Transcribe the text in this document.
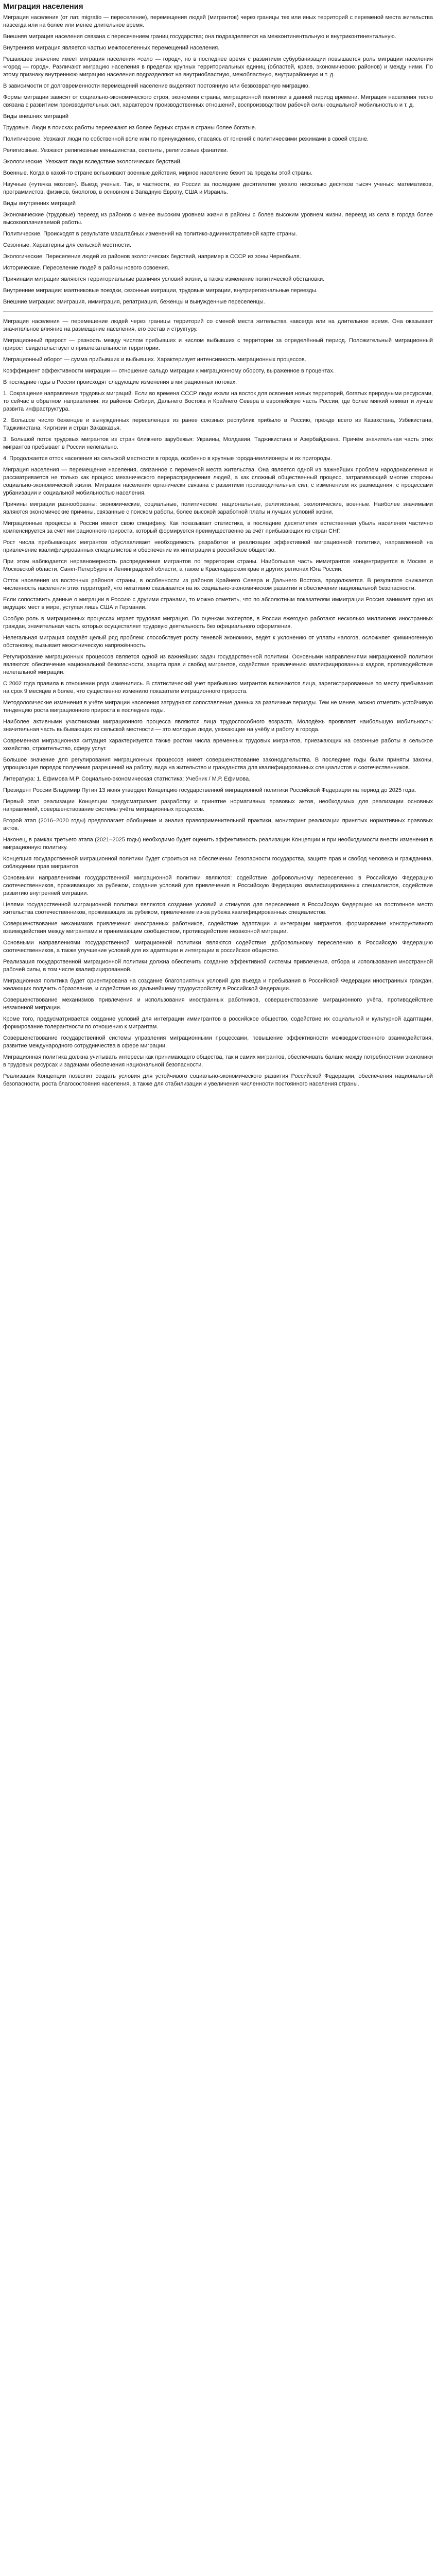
Миграция населения

Миграция населения (от лат. migratio — переселение), перемещения людей (мигрантов) через границы тех или иных территорий с переменой места жительства навсегда или на более или менее длительное время.

Внешняя миграция населения связана с пересечением границ государства; она подразделяется на межконтинентальную и внутриконтинентальную.

Внутренняя миграция является частью межпоселенных перемещений населения.

Решающее значение имеет миграция населения «село — город», но в последнее время с развитием субурбанизации повышается роль миграции населения «город — город». Различают миграцию населения в пределах крупных территориальных единиц (областей, краев, экономических районов) и между ними. По этому признаку внутреннюю миграцию населения подразделяют на внутриобластную, межобластную, внутрирайонную и т. д.

В зависимости от долговременности перемещений население выделяют постоянную или безвозвратную миграцию.

Формы миграции зависят от социально-экономического строя, экономики страны, миграционной политики в данной период времени. Миграция населения тесно связана с развитием производительных сил, характером производственных отношений, воспроизводством рабочей силы социальной мобильностью и т. д.

Виды внешних миграций

Трудовые. Люди в поисках работы переезжают из более бедных стран в страны более богатые.

Политические. Уезжают люди по собственной воле или по принуждению, спасаясь от гонений с политическими режимами в своей стране.

Религиозные. Уезжают религиозные меньшинства, сектанты, религиозные фанатики.

Экологические. Уезжают люди вследствие экологических бедствий.

Военные. Когда в какой-то стране вспыхивают военные действия, мирное население бежит за пределы этой страны.

Научные («утечка мозгов»). Выезд ученых. Так, в частности, из России за последнее десятилетие уехало несколько десятков тысяч ученых: математиков, программистов, физиков, биологов, в основном в Западную Европу, США и Израиль.

Виды внутренних миграций

Экономические (трудовые) переезд из районов с менее высоким уровнем жизни в районы с более высоким уровнем жизни, переезд из села в города более высокооплачиваемой работы.

Политические. Происходят в результате масштабных изменений на политико-административной карте страны.

Сезонные. Характерны для сельской местности.

Экологические. Переселения людей из районов экологических бедствий, например в СССР из зоны Чернобыля.

Исторические. Переселение людей в районы нового освоения.

Причинами миграции являются территориальные различия условий жизни, а также изменение политической обстановки.

Внутренние миграции: маятниковые поездки, сезонные миграции, трудовые миграции, внутрирегиональные переезды.

Внешние миграции: эмиграция, иммиграция, репатриация, беженцы и вынужденные переселенцы.

Миграция населения — перемещение людей через границы территорий со сменой места жительства навсегда или на длительное время. Она оказывает значительное влияние на размещение населения, его состав и структуру.

Миграционный прирост — разность между числом прибывших и числом выбывших с территории за определённый период. Положительный миграционный прирост свидетельствует о привлекательности территории.

Миграционный оборот — сумма прибывших и выбывших. Характеризует интенсивность миграционных процессов.

Коэффициент эффективности миграции — отношение сальдо миграции к миграционному обороту, выраженное в процентах.

В последние годы в России происходят следующие изменения в миграционных потоках:

1. Сокращение направления трудовых миграций. Если во времена СССР люди ехали на восток для освоения новых территорий, богатых природными ресурсами, то сейчас в обратном направлении: из районов Сибири, Дальнего Востока и Крайнего Севера в европейскую часть России, где более мягкий климат и лучше развита инфраструктура.

2. Большое число беженцев и вынужденных переселенцев из ранее союзных республик прибыло в Россию, прежде всего из Казахстана, Узбекистана, Таджикистана, Киргизии и стран Закавказья.

3. Большой поток трудовых мигрантов из стран ближнего зарубежья: Украины, Молдавии, Таджикистана и Азербайджана. Причём значительная часть этих мигрантов пребывает в России нелегально.

4. Продолжается отток населения из сельской местности в города, особенно в крупные города-миллионеры и их пригороды.

Миграция населения — перемещение населения, связанное с переменой места жительства. Она является одной из важнейших проблем народонаселения и рассматривается не только как процесс механического перераспределения людей, а как сложный общественный процесс, затрагивающий многие стороны социально-экономической жизни. Миграция населения органически связана с развитием производительных сил, с изменением их размещения, с процессами урбанизации и социальной мобильностью населения.

Причины миграции разнообразны: экономические, социальные, политические, национальные, религиозные, экологические, военные. Наиболее значимыми являются экономические причины, связанные с поиском работы, более высокой заработной платы и лучших условий жизни.

Миграционные процессы в России имеют свою специфику. Как показывает статистика, в последние десятилетия естественная убыль населения частично компенсируется за счёт миграционного прироста, который формируется преимущественно за счёт прибывающих из стран СНГ.

Рост числа прибывающих мигрантов обуславливает необходимость разработки и реализации эффективной миграционной политики, направленной на привлечение квалифицированных специалистов и обеспечение их интеграции в российское общество.

При этом наблюдается неравномерность распределения мигрантов по территории страны. Наибольшая часть иммигрантов концентрируется в Москве и Московской области, Санкт-Петербурге и Ленинградской области, а также в Краснодарском крае и других регионах Юга России.

Отток населения из восточных районов страны, в особенности из районов Крайнего Севера и Дальнего Востока, продолжается. В результате снижается численность населения этих территорий, что негативно сказывается на их социально-экономическом развитии и обеспечении национальной безопасности.

Если сопоставить данные о миграции в Россию с другими странами, то можно отметить, что по абсолютным показателям иммиграции Россия занимает одно из ведущих мест в мире, уступая лишь США и Германии.

Особую роль в миграционных процессах играет трудовая миграция. По оценкам экспертов, в России ежегодно работают несколько миллионов иностранных граждан, значительная часть которых осуществляет трудовую деятельность без официального оформления.

Нелегальная миграция создаёт целый ряд проблем: способствует росту теневой экономики, ведёт к уклонению от уплаты налогов, осложняет криминогенную обстановку, вызывает межэтническую напряжённость.

Регулирование миграционных процессов является одной из важнейших задач государственной политики. Основными направлениями миграционной политики являются: обеспечение национальной безопасности, защита прав и свобод мигрантов, содействие привлечению квалифицированных кадров, противодействие нелегальной миграции.

С 2002 года правила в отношении ряда изменились. В статистический учет прибывших мигрантов включаются лица, зарегистрированные по месту пребывания на срок 9 месяцев и более, что существенно изменило показатели миграционного прироста.

Методологические изменения в учёте миграции населения затрудняют сопоставление данных за различные периоды. Тем не менее, можно отметить устойчивую тенденцию роста миграционного прироста в последние годы.

Наиболее активными участниками миграционного процесса являются лица трудоспособного возраста. Молодёжь проявляет наибольшую мобильность: значительная часть выбывающих из сельской местности — это молодые люди, уезжающие на учёбу и работу в города.

Современная миграционная ситуация характеризуется также ростом числа временных трудовых мигрантов, приезжающих на сезонные работы в сельское хозяйство, строительство, сферу услуг.

Большое значение для регулирования миграционных процессов имеет совершенствование законодательства. В последние годы были приняты законы, упрощающие порядок получения разрешений на работу, вида на жительство и гражданства для квалифицированных специалистов и соотечественников.

Литература: 1. Ефимова М.Р. Социально-экономическая статистика: Учебник / М.Р. Ефимова.

Президент России Владимир Путин 13 июня утвердил Концепцию государственной миграционной политики Российской Федерации на период до 2025 года.

Первый этап реализации Концепции предусматривает разработку и принятие нормативных правовых актов, необходимых для реализации основных направлений, совершенствование системы учёта миграционных процессов.

Второй этап (2016–2020 годы) предполагает обобщение и анализ правоприменительной практики, мониторинг реализации принятых нормативных правовых актов.

Наконец, в рамках третьего этапа (2021–2025 годы) необходимо будет оценить эффективность реализации Концепции и при необходимости внести изменения в миграционную политику.

Концепция государственной миграционной политики будет строиться на обеспечении безопасности государства, защите прав и свобод человека и гражданина, соблюдении прав мигрантов.

Основными направлениями государственной миграционной политики являются: содействие добровольному переселению в Российскую Федерацию соотечественников, проживающих за рубежом, создание условий для привлечения в Российскую Федерацию квалифицированных специалистов, содействие развитию внутренней миграции.

Целями государственной миграционной политики являются создание условий и стимулов для переселения в Российскую Федерацию на постоянное место жительства соотечественников, проживающих за рубежом, привлечение из-за рубежа квалифицированных специалистов.

Совершенствование механизмов привлечения иностранных работников, содействие адаптации и интеграции мигрантов, формирование конструктивного взаимодействия между мигрантами и принимающим сообществом, противодействие незаконной миграции.

Основными направлениями государственной миграционной политики являются содействие добровольному переселению в Российскую Федерацию соотечественников, а также улучшение условий для их адаптации и интеграции в российское общество.

Реализация государственной миграционной политики должна обеспечить создание эффективной системы привлечения, отбора и использования иностранной рабочей силы, в том числе квалифицированной.

Миграционная политика будет ориентирована на создание благоприятных условий для въезда и пребывания в Российской Федерации иностранных граждан, желающих получить образование, и содействие их дальнейшему трудоустройству в Российской Федерации.

Совершенствование механизмов привлечения и использования иностранных работников, совершенствование миграционного учёта, противодействие незаконной миграции.

Кроме того, предусматривается создание условий для интеграции иммигрантов в российское общество, содействие их социальной и культурной адаптации, формирование толерантности по отношению к мигрантам.

Совершенствование государственной системы управления миграционными процессами, повышение эффективности межведомственного взаимодействия, развитие международного сотрудничества в сфере миграции.

Миграционная политика должна учитывать интересы как принимающего общества, так и самих мигрантов, обеспечивать баланс между потребностями экономики в трудовых ресурсах и задачами обеспечения национальной безопасности.

Реализация Концепции позволит создать условия для устойчивого социально-экономического развития Российской Федерации, обеспечения национальной безопасности, роста благосостояния населения, а также для стабилизации и увеличения численности постоянного населения страны.
